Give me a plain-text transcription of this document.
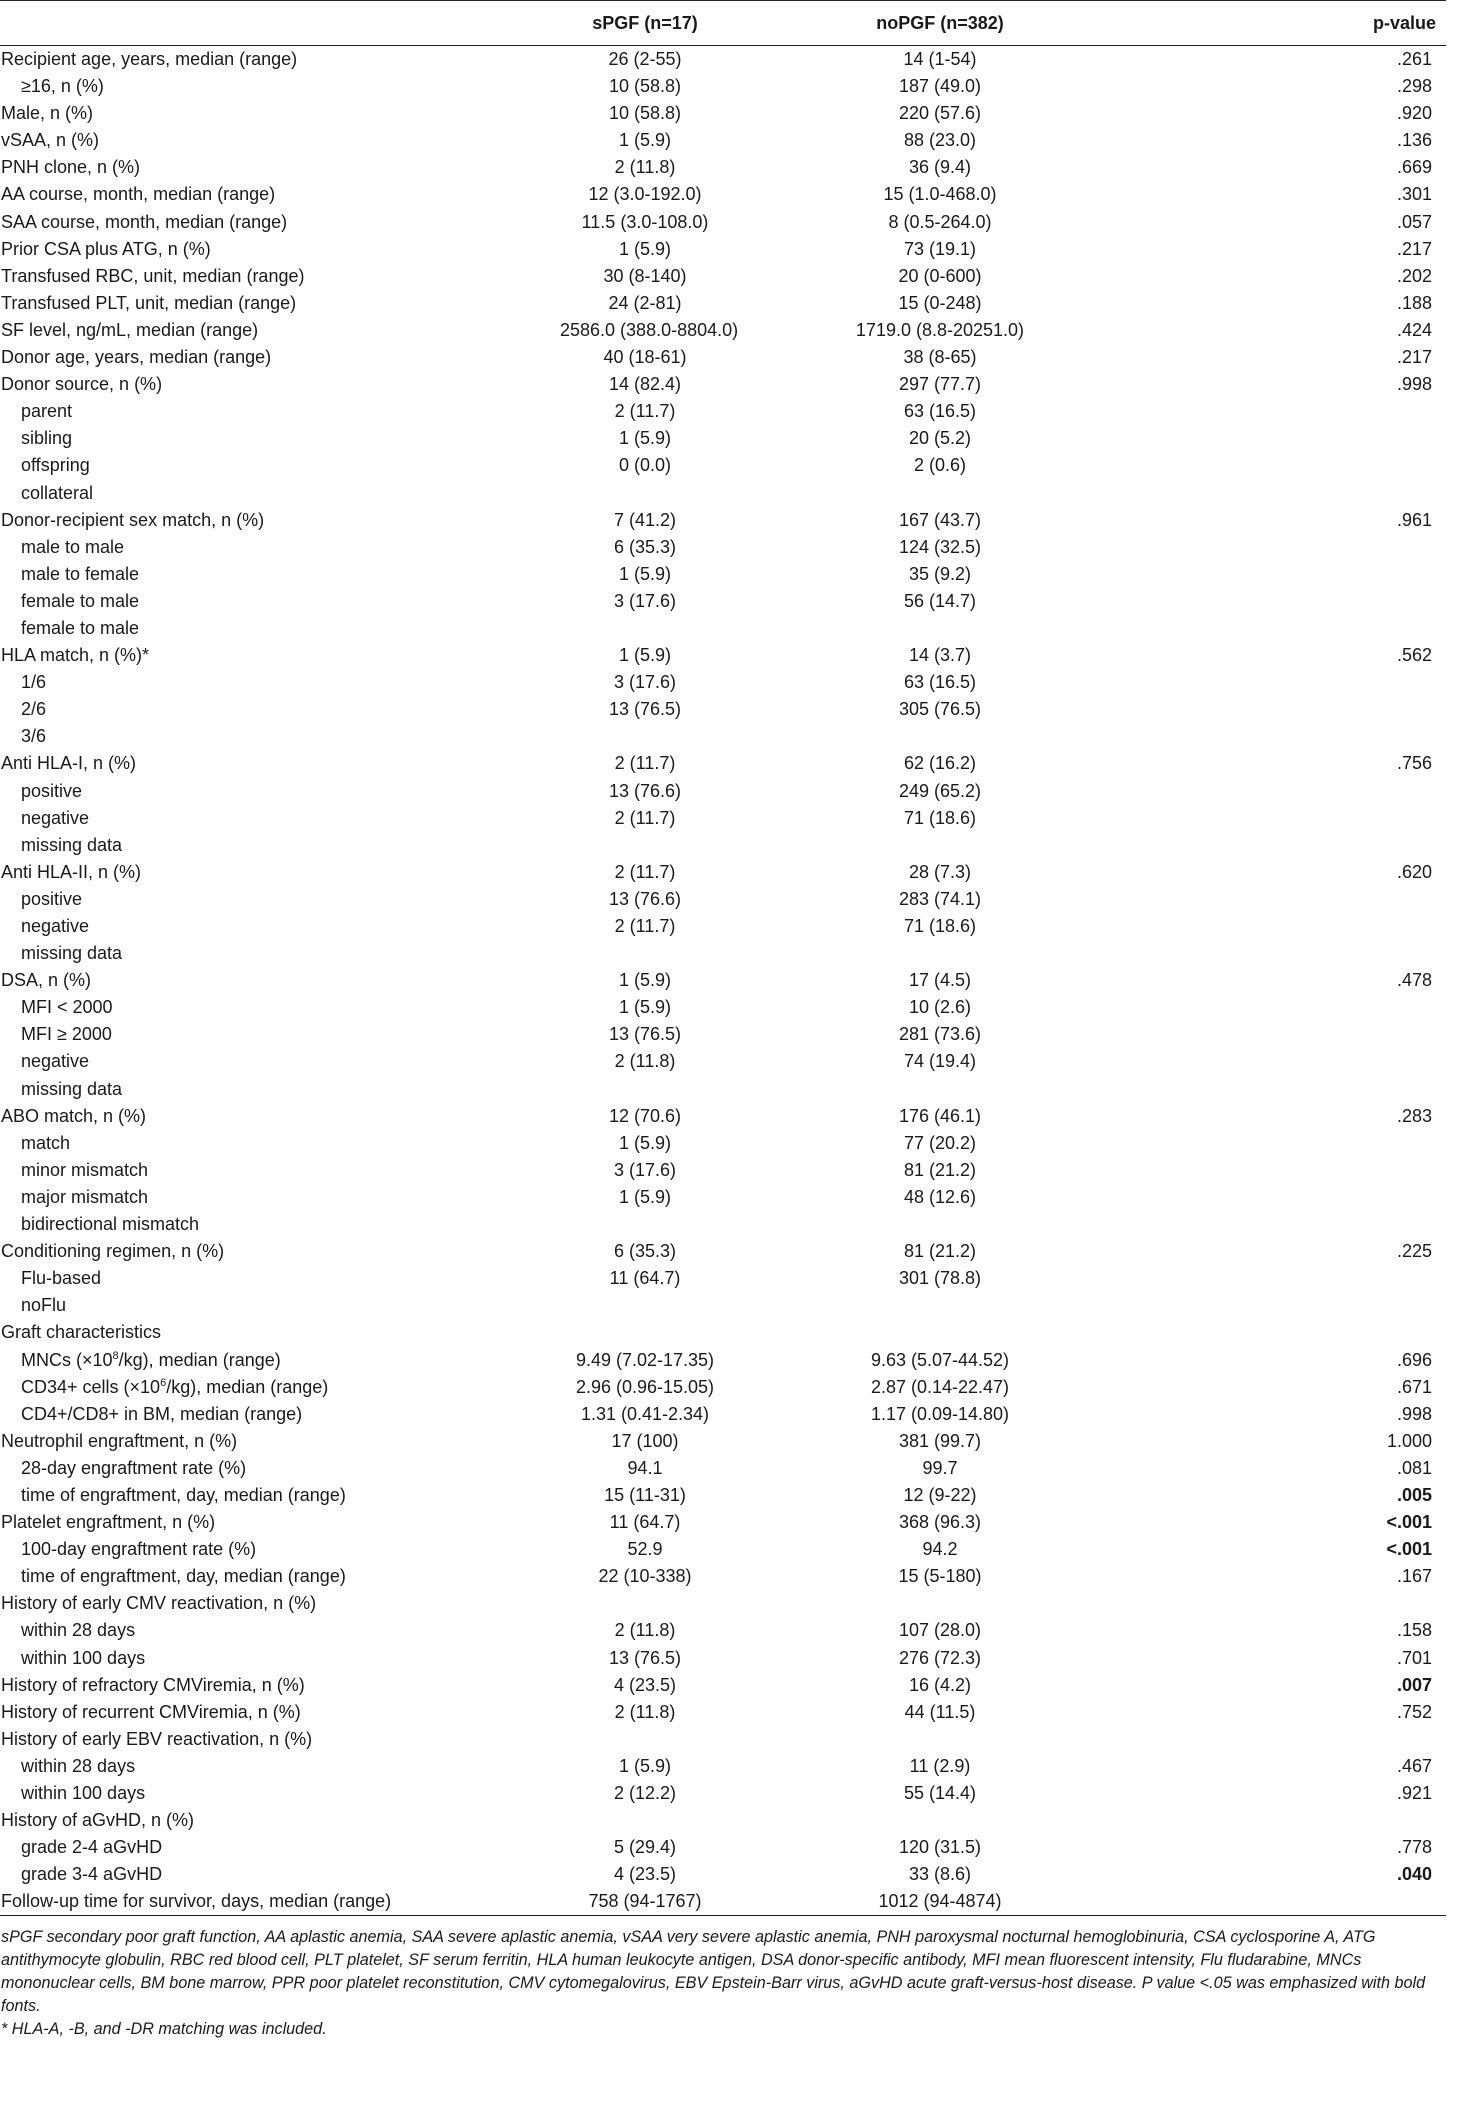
	sPGF (n=17)	noPGF (n=382)	p-value
Recipient age, years, median (range)	26 (2-55)	14 (1-54)	.261
≥16, n (%)	10 (58.8)	187 (49.0)	.298
Male, n (%)	10 (58.8)	220 (57.6)	.920
vSAA, n (%)	1 (5.9)	88 (23.0)	.136
PNH clone, n (%)	2 (11.8)	36 (9.4)	.669
AA course, month, median (range)	12 (3.0-192.0)	15 (1.0-468.0)	.301
SAA course, month, median (range)	11.5 (3.0-108.0)	8 (0.5-264.0)	.057
Prior CSA plus ATG, n (%)	1 (5.9)	73 (19.1)	.217
Transfused RBC, unit, median (range)	30 (8-140)	20 (0-600)	.202
Transfused PLT, unit, median (range)	24 (2-81)	15 (0-248)	.188
SF level, ng/mL, median (range)	2586.0 (388.0-8804.0)	1719.0 (8.8-20251.0)	.424
Donor age, years, median (range)	40 (18-61)	38 (8-65)	.217
Donor source, n (%)	14 (82.4)	297 (77.7)	.998
parent	2 (11.7)	63 (16.5)	
sibling	1 (5.9)	20 (5.2)	
offspring	0 (0.0)	2 (0.6)	
collateral			
Donor-recipient sex match, n (%)	7 (41.2)	167 (43.7)	.961
male to male	6 (35.3)	124 (32.5)	
male to female	1 (5.9)	35 (9.2)	
female to male	3 (17.6)	56 (14.7)	
female to male			
HLA match, n (%)*	1 (5.9)	14 (3.7)	.562
1/6	3 (17.6)	63 (16.5)	
2/6	13 (76.5)	305 (76.5)	
3/6			
Anti HLA-I, n (%)	2 (11.7)	62 (16.2)	.756
positive	13 (76.6)	249 (65.2)	
negative	2 (11.7)	71 (18.6)	
missing data			
Anti HLA-II, n (%)	2 (11.7)	28 (7.3)	.620
positive	13 (76.6)	283 (74.1)	
negative	2 (11.7)	71 (18.6)	
missing data			
DSA, n (%)	1 (5.9)	17 (4.5)	.478
MFI < 2000	1 (5.9)	10 (2.6)	
MFI ≥ 2000	13 (76.5)	281 (73.6)	
negative	2 (11.8)	74 (19.4)	
missing data			
ABO match, n (%)	12 (70.6)	176 (46.1)	.283
match	1 (5.9)	77 (20.2)	
minor mismatch	3 (17.6)	81 (21.2)	
major mismatch	1 (5.9)	48 (12.6)	
bidirectional mismatch			
Conditioning regimen, n (%)	6 (35.3)	81 (21.2)	.225
Flu-based	11 (64.7)	301 (78.8)	
noFlu			
Graft characteristics			
MNCs $(\times 10^8/kg)$, median (range)	9.49 (7.02-17.35)	9.63 (5.07-44.52)	.696
CD34+ cells $(\times 10^6/kg)$, median (range)	2.96 (0.96-15.05)	2.87 (0.14-22.47)	.671
CD4+/CD8+ in BM, median (range)	1.31 (0.41-2.34)	1.17 (0.09-14.80)	.998
Neutrophil engraftment, n (%)	17 (100)	381 (99.7)	1.000
28-day engraftment rate (%)	94.1	99.7	.081
time of engraftment, day, median (range)	15 (11-31)	12 (9-22)	.005
Platelet engraftment, n (%)	11 (64.7)	368 (96.3)	<.001
100-day engraftment rate (%)	52.9	94.2	<.001
time of engraftment, day, median (range)	22 (10-338)	15 (5-180)	.167
History of early CMV reactivation, n (%)			
within 28 days	2 (11.8)	107 (28.0)	.158
within 100 days	13 (76.5)	276 (72.3)	.701
History of refractory CMViremia, n (%)	4 (23.5)	16 (4.2)	.007
History of recurrent CMViremia, n (%)	2 (11.8)	44 (11.5)	.752
History of early EBV reactivation, n (%)			
within 28 days	1 (5.9)	11 (2.9)	.467
within 100 days	2 (12.2)	55 (14.4)	.921
History of aGvHD, n (%)			
grade 2-4 aGvHD	5 (29.4)	120 (31.5)	.778
grade 3-4 aGvHD	4 (23.5)	33 (8.6)	.040
Follow-up time for survivor, days, median (range)	758 (94-1767)	1012 (94-4874)	

sPGF secondary poor graft function, AA aplastic anemia, SAA severe aplastic anemia, vSAA very severe aplastic anemia, PNH paroxysmal nocturnal hemoglobinuria, CSA cyclosporine A, ATG antithymocyte globulin, RBC red blood cell, PLT platelet, SF serum ferritin, HLA human leukocyte antigen, DSA donor-specific antibody, MFI mean fluorescent intensity, Flu fludarabine, MNCs mononuclear cells, BM bone marrow, PPR poor platelet reconstitution, CMV cytomegalovirus, EBV Epstein-Barr virus, aGvHD acute graft-versus-host disease. P value <.05 was emphasized with bold fonts.

* HLA-A, -B, and -DR matching was included.
